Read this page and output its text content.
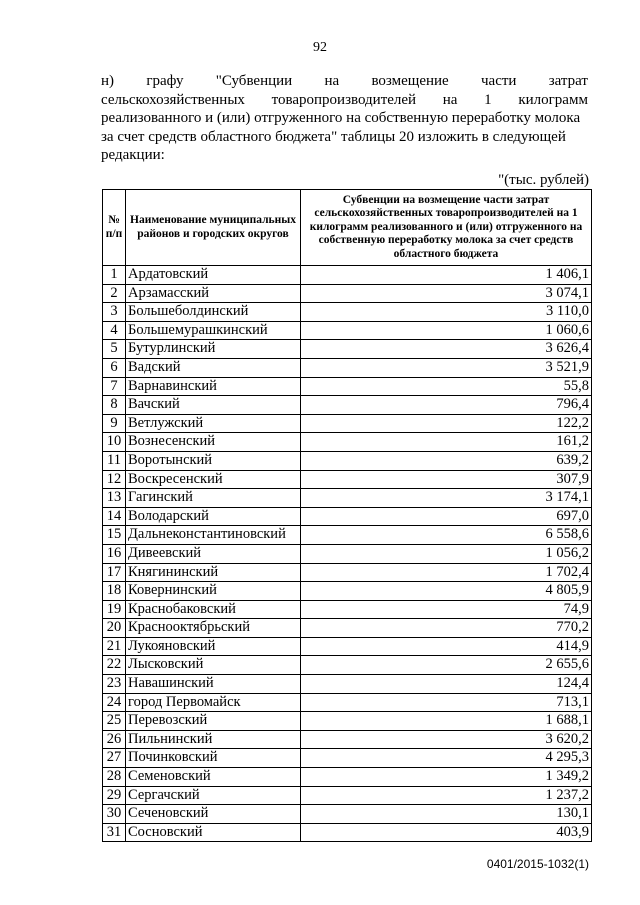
92
н) графу "Субвенции на возмещение части затрат
сельскохозяйственных товаропроизводителей на 1 килограмм
реализованного и (или) отгруженного на собственную переработку молока
за счет средств областного бюджета" таблицы 20 изложить в следующей
редакции:
"(тыс. рублей)
№ п/п	Наименование муниципальных районов и городских округов	Субвенции на возмещение части затрат сельскохозяйственных товаропроизводителей на 1 килограмм реализованного и (или) отгруженного на собственную переработку молока за счет средств областного бюджета
1	Ардатовский	1 406,1
2	Арзамасский	3 074,1
3	Большеболдинский	3 110,0
4	Большемурашкинский	1 060,6
5	Бутурлинский	3 626,4
6	Вадский	3 521,9
7	Варнавинский	55,8
8	Вачский	796,4
9	Ветлужский	122,2
10	Вознесенский	161,2
11	Воротынский	639,2
12	Воскресенский	307,9
13	Гагинский	3 174,1
14	Володарский	697,0
15	Дальнеконстантиновский	6 558,6
16	Дивеевский	1 056,2
17	Княгининский	1 702,4
18	Ковернинский	4 805,9
19	Краснобаковский	74,9
20	Краснооктябрьский	770,2
21	Лукояновский	414,9
22	Лысковский	2 655,6
23	Навашинский	124,4
24	город Первомайск	713,1
25	Перевозский	1 688,1
26	Пильнинский	3 620,2
27	Починковский	4 295,3
28	Семеновский	1 349,2
29	Сергачский	1 237,2
30	Сеченовский	130,1
31	Сосновский	403,9
0401/2015-1032(1)
